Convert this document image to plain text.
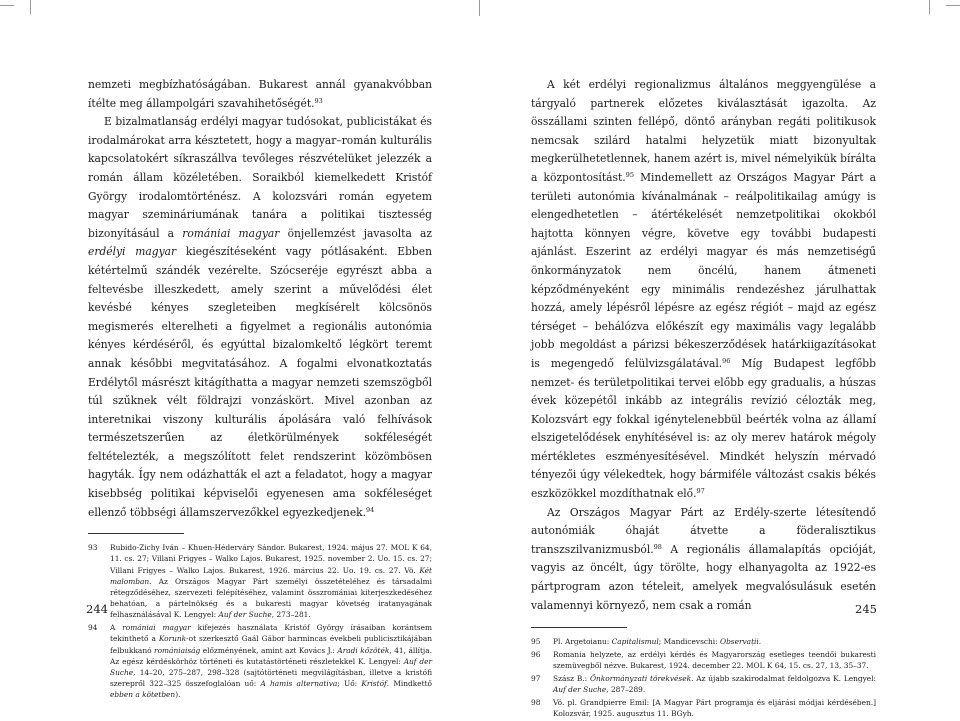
nemzeti megbízhatóságában. Bukarest annál gyanakvóbban ítélte meg állampolgári szavahihetőségét.$^{93}$

E bizalmatlanság erdélyi magyar tudósokat, publicistákat és irodalmárokat arra késztetett, hogy a magyar–román kulturális kapcsolatokért síkraszállva tevőleges részvételüket jelezzék a román állam közéletében. Soraikból kiemelkedett Kristóf György irodalomtörténész. A kolozsvári román egyetem magyar szemináriumának tanára a politikai tisztesség bizonyításául a romániai magyar önjellemzést javasolta az erdélyi magyar kiegészítéseként vagy pótlásaként. Ebben kétértelmű szándék vezérelte. Szócseréje egyrészt abba a feltevésbe illeszkedett, amely szerint a művelődési élet kevésbé kényes szegleteiben megkísérelt kölcsönös megismerés elterelheti a figyelmet a regionális autonómia kényes kérdéséről, és egyúttal bizalomkeltő légkört teremt annak későbbi megvitatásához. A fogalmi elvonatkoztatás Erdélytől másrészt kitágíthatta a magyar nemzeti szemszögből túl szűknek vélt földrajzi vonzáskört. Mivel azonban az interetnikai viszony kulturális ápolására való felhívások természetszerűen az életkörülmények sokféleségét feltételezték, a megszólított felet rendszerint közömbösen hagyták. Így nem odázhatták el azt a feladatot, hogy a magyar kisebbség politikai képviselői egyenesen ama sokféleséget ellenző többségi államszervezőkkel egyezkedjenek.$^{94}$

93	Rubido-Zichy Iván – Khuen-Héderváry Sándor. Bukarest, 1924. május 27. MOL K 64, 11. cs. 27; Villani Frigyes – Walko Lajos. Bukarest, 1925. november 2. Uo. 15. cs. 27; Villani Frigyes – Walko Lajos. Bukarest, 1926. március 22. Uo. 19. cs. 27. Vö. Két malomban. Az Országos Magyar Párt személyi összetételéhez és társadalmi rétegződéséhez, szervezeti felépítéséhez, valamint összromániai kiterjeszkedéséhez behatóan, a pártelnökség és a bukaresti magyar követség iratanyagának felhasználásával K. Lengyel: Auf der Suche, 273–281.
94	A romániai magyar kifejezés használata Kristóf György írásaiban korántsem tekinthető a Korunk-ot szerkesztő Gaál Gábor harmincas évekbeli publicisztikájában felbukkanó romániaiság előzményének, amint azt Kovács J.: Aradi kőzöték, 41, állítja. Az egész kérdéskörhöz történeti és kutatástörténeti részletekkel K. Lengyel: Auf der Suche, 14–20, 275–287, 298–328 (sajtótörténeti megvilágításban, illetve a kristófi szerepről 322–325 összefoglalóan uő: A hamis alternativa; Uő: Kristóf. Mindkettő ebben a kötetben).
244

A két erdélyi regionalizmus általános meggyengülése a tárgyaló partnerek előzetes kiválasztását igazolta. Az összállami szinten fellépő, döntő arányban regáti politikusok nemcsak szilárd hatalmi helyzetük miatt bizonyultak megkerülhetetlennek, hanem azért is, mivel némelyikük bírálta a központosítást.$^{95}$ Mindemellett az Országos Magyar Párt a területi autonómia kívánalmának – reálpolitikailag amúgy is elengedhetetlen – átértékelését nemzetpolitikai okokból hajtotta könnyen végre, követve egy további budapesti ajánlást. Eszerint az erdélyi magyar és más nemzetiségű önkormányzatok nem öncélú, hanem átmeneti képződményeként egy minimális rendezéshez járulhattak hozzá, amely lépésről lépésre az egész régiót – majd az egész térséget – behálózva előkészít egy maximális vagy legalább jobb megoldást a párizsi békeszerződések határkiigazításokat is megengedő felülvizsgálatával.$^{96}$ Míg Budapest legfőbb nemzet- és területpolitikai tervei előbb egy gradualis, a húszas évek közepétől inkább az integrális revízió célozták meg, Kolozsvárt egy fokkal igénytelenebbül beérték volna az államí elszigetelődések enyhítésével is: az oly merev határok mégoly mértékletes eszményesítésével. Mindkét helyszín mérvadó tényezői úgy vélekedtek, hogy bármiféle változást csakis békés eszközökkel mozdíthatnak elő.$^{97}$

Az Országos Magyar Párt az Erdély-szerte létesítendő autonómiák óhaját átvette a föderalisztikus transzszilvanizmusból.$^{98}$ A regionális államalapítás opcióját, vagyis az öncélt, úgy törölte, hogy elhanyagolta az 1922-es pártprogram azon tételeit, amelyek megvalósulásuk esetén valamennyi környező, nem csak a román

95	Pl. Argetoianu: Capitalismul; Mandicevschi: Observații.
96	Romania helyzete, az erdélyi kérdés és Magyarország esetleges teendői bukaresti szemüvegből nézve. Bukarest, 1924. december 22. MOL K 64, 15. cs. 27, 13, 35–37.
97	Szász B.: Önkormányzati törekvések. Az újabb szakirodalmat feldolgozva K. Lengyel: Auf der Suche, 287–289.
98	Vö. pl. Grandpierre Emil: [A Magyar Párt programja és eljárási módjai kérdésében.] Kolozsvár, 1925. augusztus 11. BGyh.
245
